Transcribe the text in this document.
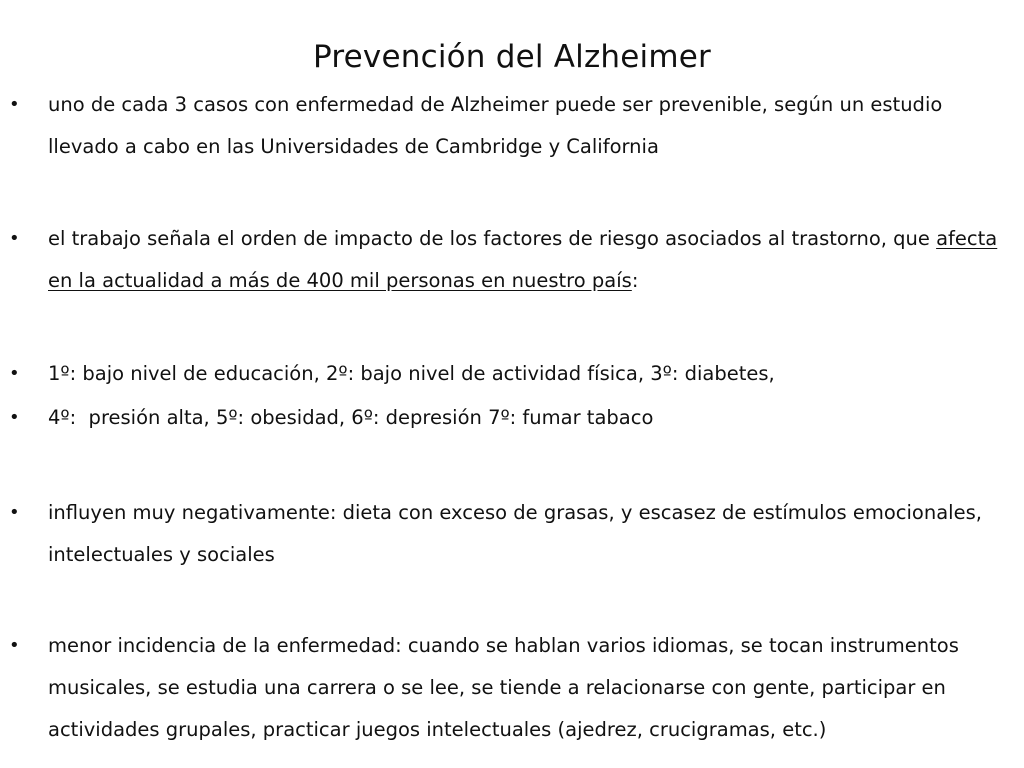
Prevención del Alzheimer
• uno de cada 3 casos con enfermedad de Alzheimer puede ser prevenible, según un estudio llevado a cabo en las Universidades de Cambridge y California
• el trabajo señala el orden de impacto de los factores de riesgo asociados al trastorno, que afecta en la actualidad a más de 400 mil personas en nuestro país:
• 1º: bajo nivel de educación, 2º: bajo nivel de actividad física, 3º: diabetes,
• 4º:  presión alta, 5º: obesidad, 6º: depresión 7º: fumar tabaco
• influyen muy negativamente: dieta con exceso de grasas, y escasez de estímulos emocionales, intelectuales y sociales
• menor incidencia de la enfermedad: cuando se hablan varios idiomas, se tocan instrumentos musicales, se estudia una carrera o se lee, se tiende a relacionarse con gente, participar en actividades grupales, practicar juegos intelectuales (ajedrez, crucigramas, etc.)
